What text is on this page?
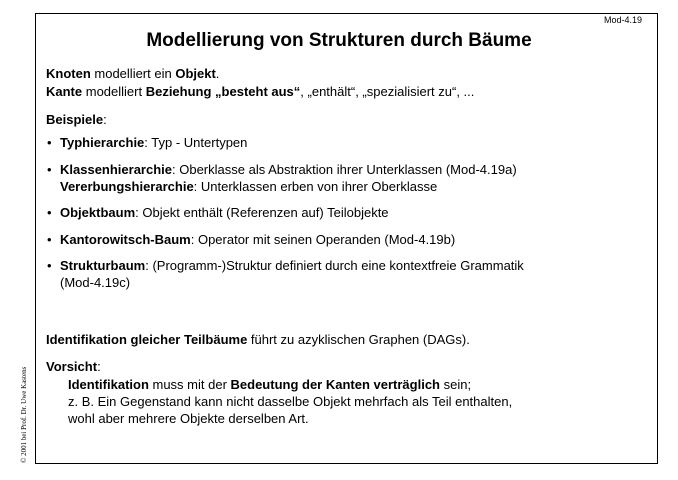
Mod-4.19
Modellierung von Strukturen durch Bäume
Knoten modelliert ein Objekt.
Kante modelliert Beziehung „besteht aus“, „enthält“, „spezialisiert zu“, ...
Beispiele:
• Typhierarchie: Typ - Untertypen
• Klassenhierarchie: Oberklasse als Abstraktion ihrer Unterklassen (Mod-4.19a)
Vererbungshierarchie: Unterklassen erben von ihrer Oberklasse
• Objektbaum: Objekt enthält (Referenzen auf) Teilobjekte
• Kantorowitsch-Baum: Operator mit seinen Operanden (Mod-4.19b)
• Strukturbaum: (Programm-)Struktur definiert durch eine kontextfreie Grammatik
(Mod-4.19c)
Identifikation gleicher Teilbäume führt zu azyklischen Graphen (DAGs).
Vorsicht:
Identifikation muss mit der Bedeutung der Kanten verträglich sein;
z. B. Ein Gegenstand kann nicht dasselbe Objekt mehrfach als Teil enthalten,
wohl aber mehrere Objekte derselben Art.
© 2001 bei Prof. Dr. Uwe Kastens
